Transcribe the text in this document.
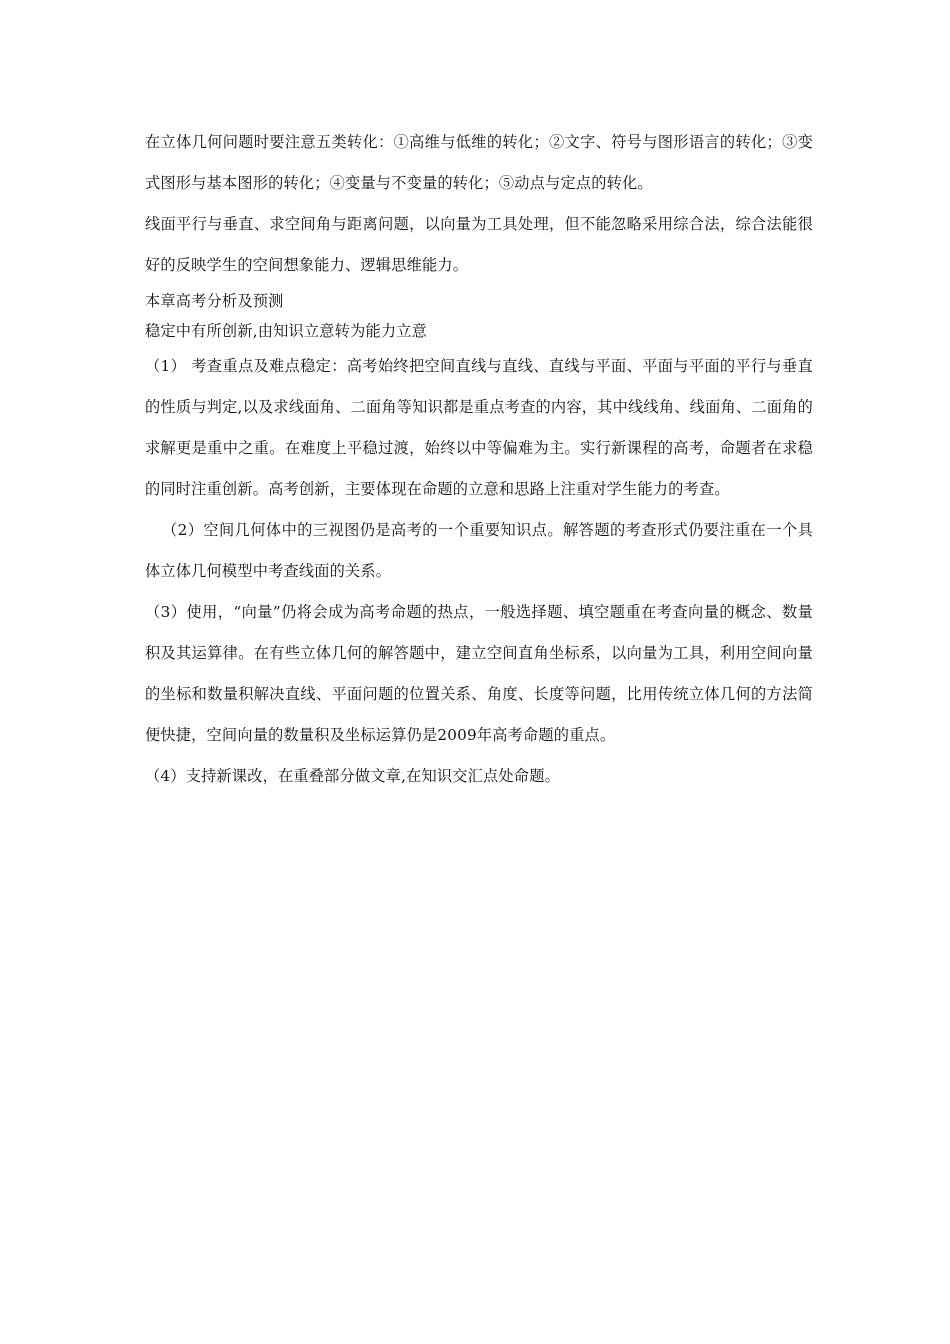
在立体几何问题时要注意五类转化：①高维与低维的转化；②文字、符号与图形语言的转化；③变式图形与基本图形的转化；④变量与不变量的转化；⑤动点与定点的转化。

线面平行与垂直、求空间角与距离问题，以向量为工具处理，但不能忽略采用综合法，综合法能很好的反映学生的空间想象能力、逻辑思维能力。

本章高考分析及预测

稳定中有所创新,由知识立意转为能力立意

（1） 考查重点及难点稳定：高考始终把空间直线与直线、直线与平面、平面与平面的平行与垂直的性质与判定,以及求线面角、二面角等知识都是重点考查的内容，其中线线角、线面角、二面角的求解更是重中之重。在难度上平稳过渡，始终以中等偏难为主。实行新课程的高考，命题者在求稳的同时注重创新。高考创新，主要体现在命题的立意和思路上注重对学生能力的考查。

（2）空间几何体中的三视图仍是高考的一个重要知识点。解答题的考查形式仍要注重在一个具体立体几何模型中考查线面的关系。

（3）使用，“向量”仍将会成为高考命题的热点，一般选择题、填空题重在考查向量的概念、数量积及其运算律。在有些立体几何的解答题中，建立空间直角坐标系，以向量为工具，利用空间向量的坐标和数量积解决直线、平面问题的位置关系、角度、长度等问题，比用传统立体几何的方法简便快捷，空间向量的数量积及坐标运算仍是2009年高考命题的重点。

（4）支持新课改，在重叠部分做文章,在知识交汇点处命题。
